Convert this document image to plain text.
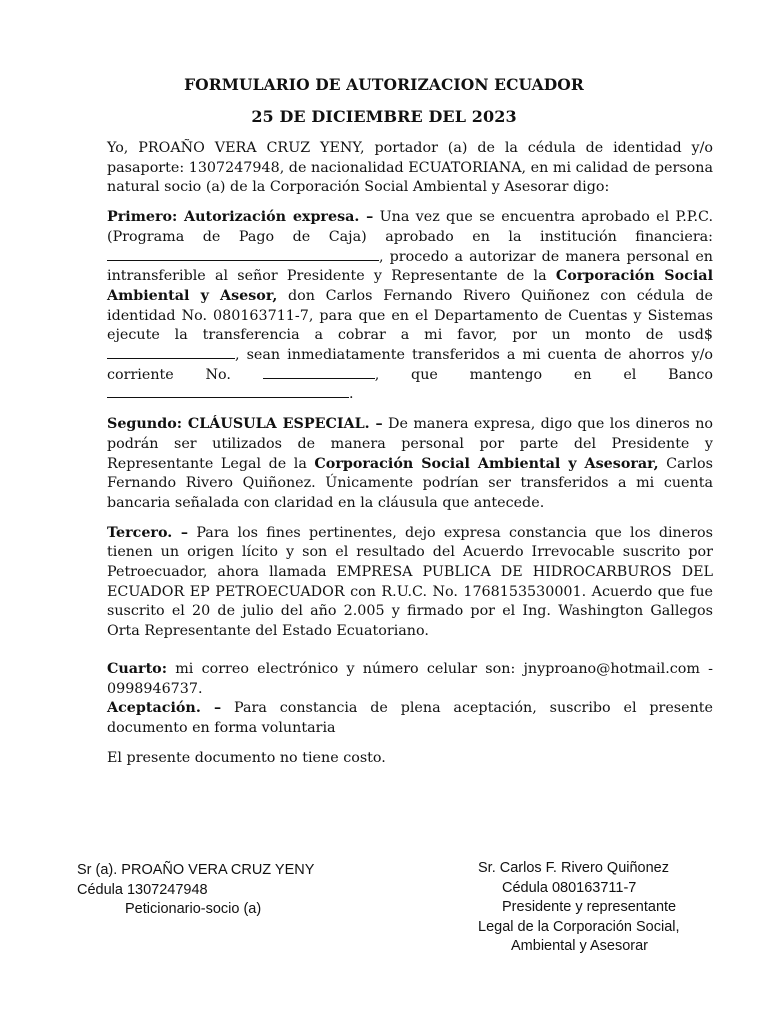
FORMULARIO DE AUTORIZACION ECUADOR
25 DE DICIEMBRE DEL 2023

Yo, PROAÑO VERA CRUZ YENY, portador (a) de la cédula de identidad y/o pasaporte: 1307247948, de nacionalidad ECUATORIANA, en mi calidad de persona natural socio (a) de la Corporación Social Ambiental y Asesorar digo:

Primero: Autorización expresa. – Una vez que se encuentra aprobado el P.P.C. (Programa de Pago de Caja) aprobado en la institución financiera: , procedo a autorizar de manera personal en intransferible al señor Presidente y Representante de la Corporación Social Ambiental y Asesor, don Carlos Fernando Rivero Quiñonez con cédula de identidad No. 080163711-7, para que en el Departamento de Cuentas y Sistemas ejecute la transferencia a cobrar a mi favor, por un monto de usd$ , sean inmediatamente transferidos a mi cuenta de ahorros y/o corriente No.	, que mantengo en el Banco .

Segundo: CLÁUSULA ESPECIAL. – De manera expresa, digo que los dineros no podrán ser utilizados de manera personal por parte del Presidente y Representante Legal de la Corporación Social Ambiental y Asesorar, Carlos Fernando Rivero Quiñonez. Únicamente podrían ser transferidos a mi cuenta bancaria señalada con claridad en la cláusula que antecede.

Tercero. – Para los fines pertinentes, dejo expresa constancia que los dineros tienen un origen lícito y son el resultado del Acuerdo Irrevocable suscrito por Petroecuador, ahora llamada EMPRESA PUBLICA DE HIDROCARBUROS DEL ECUADOR EP PETROECUADOR con R.U.C. No. 1768153530001. Acuerdo que fue suscrito el 20 de julio del año 2.005 y firmado por el Ing. Washington Gallegos Orta Representante del Estado Ecuatoriano.

Cuarto: mi correo electrónico y número celular son: jnyproano@hotmail.com - 0998946737.

Aceptación. – Para constancia de plena aceptación, suscribo el presente documento en forma voluntaria

El presente documento no tiene costo.

Sr (a). PROAÑO VERA CRUZ YENY
Cédula 1307247948
Peticionario-socio (a)
Sr. Carlos F. Rivero Quiñonez
Cédula 080163711-7
Presidente y representante
Legal de la Corporación Social,
Ambiental y Asesorar
